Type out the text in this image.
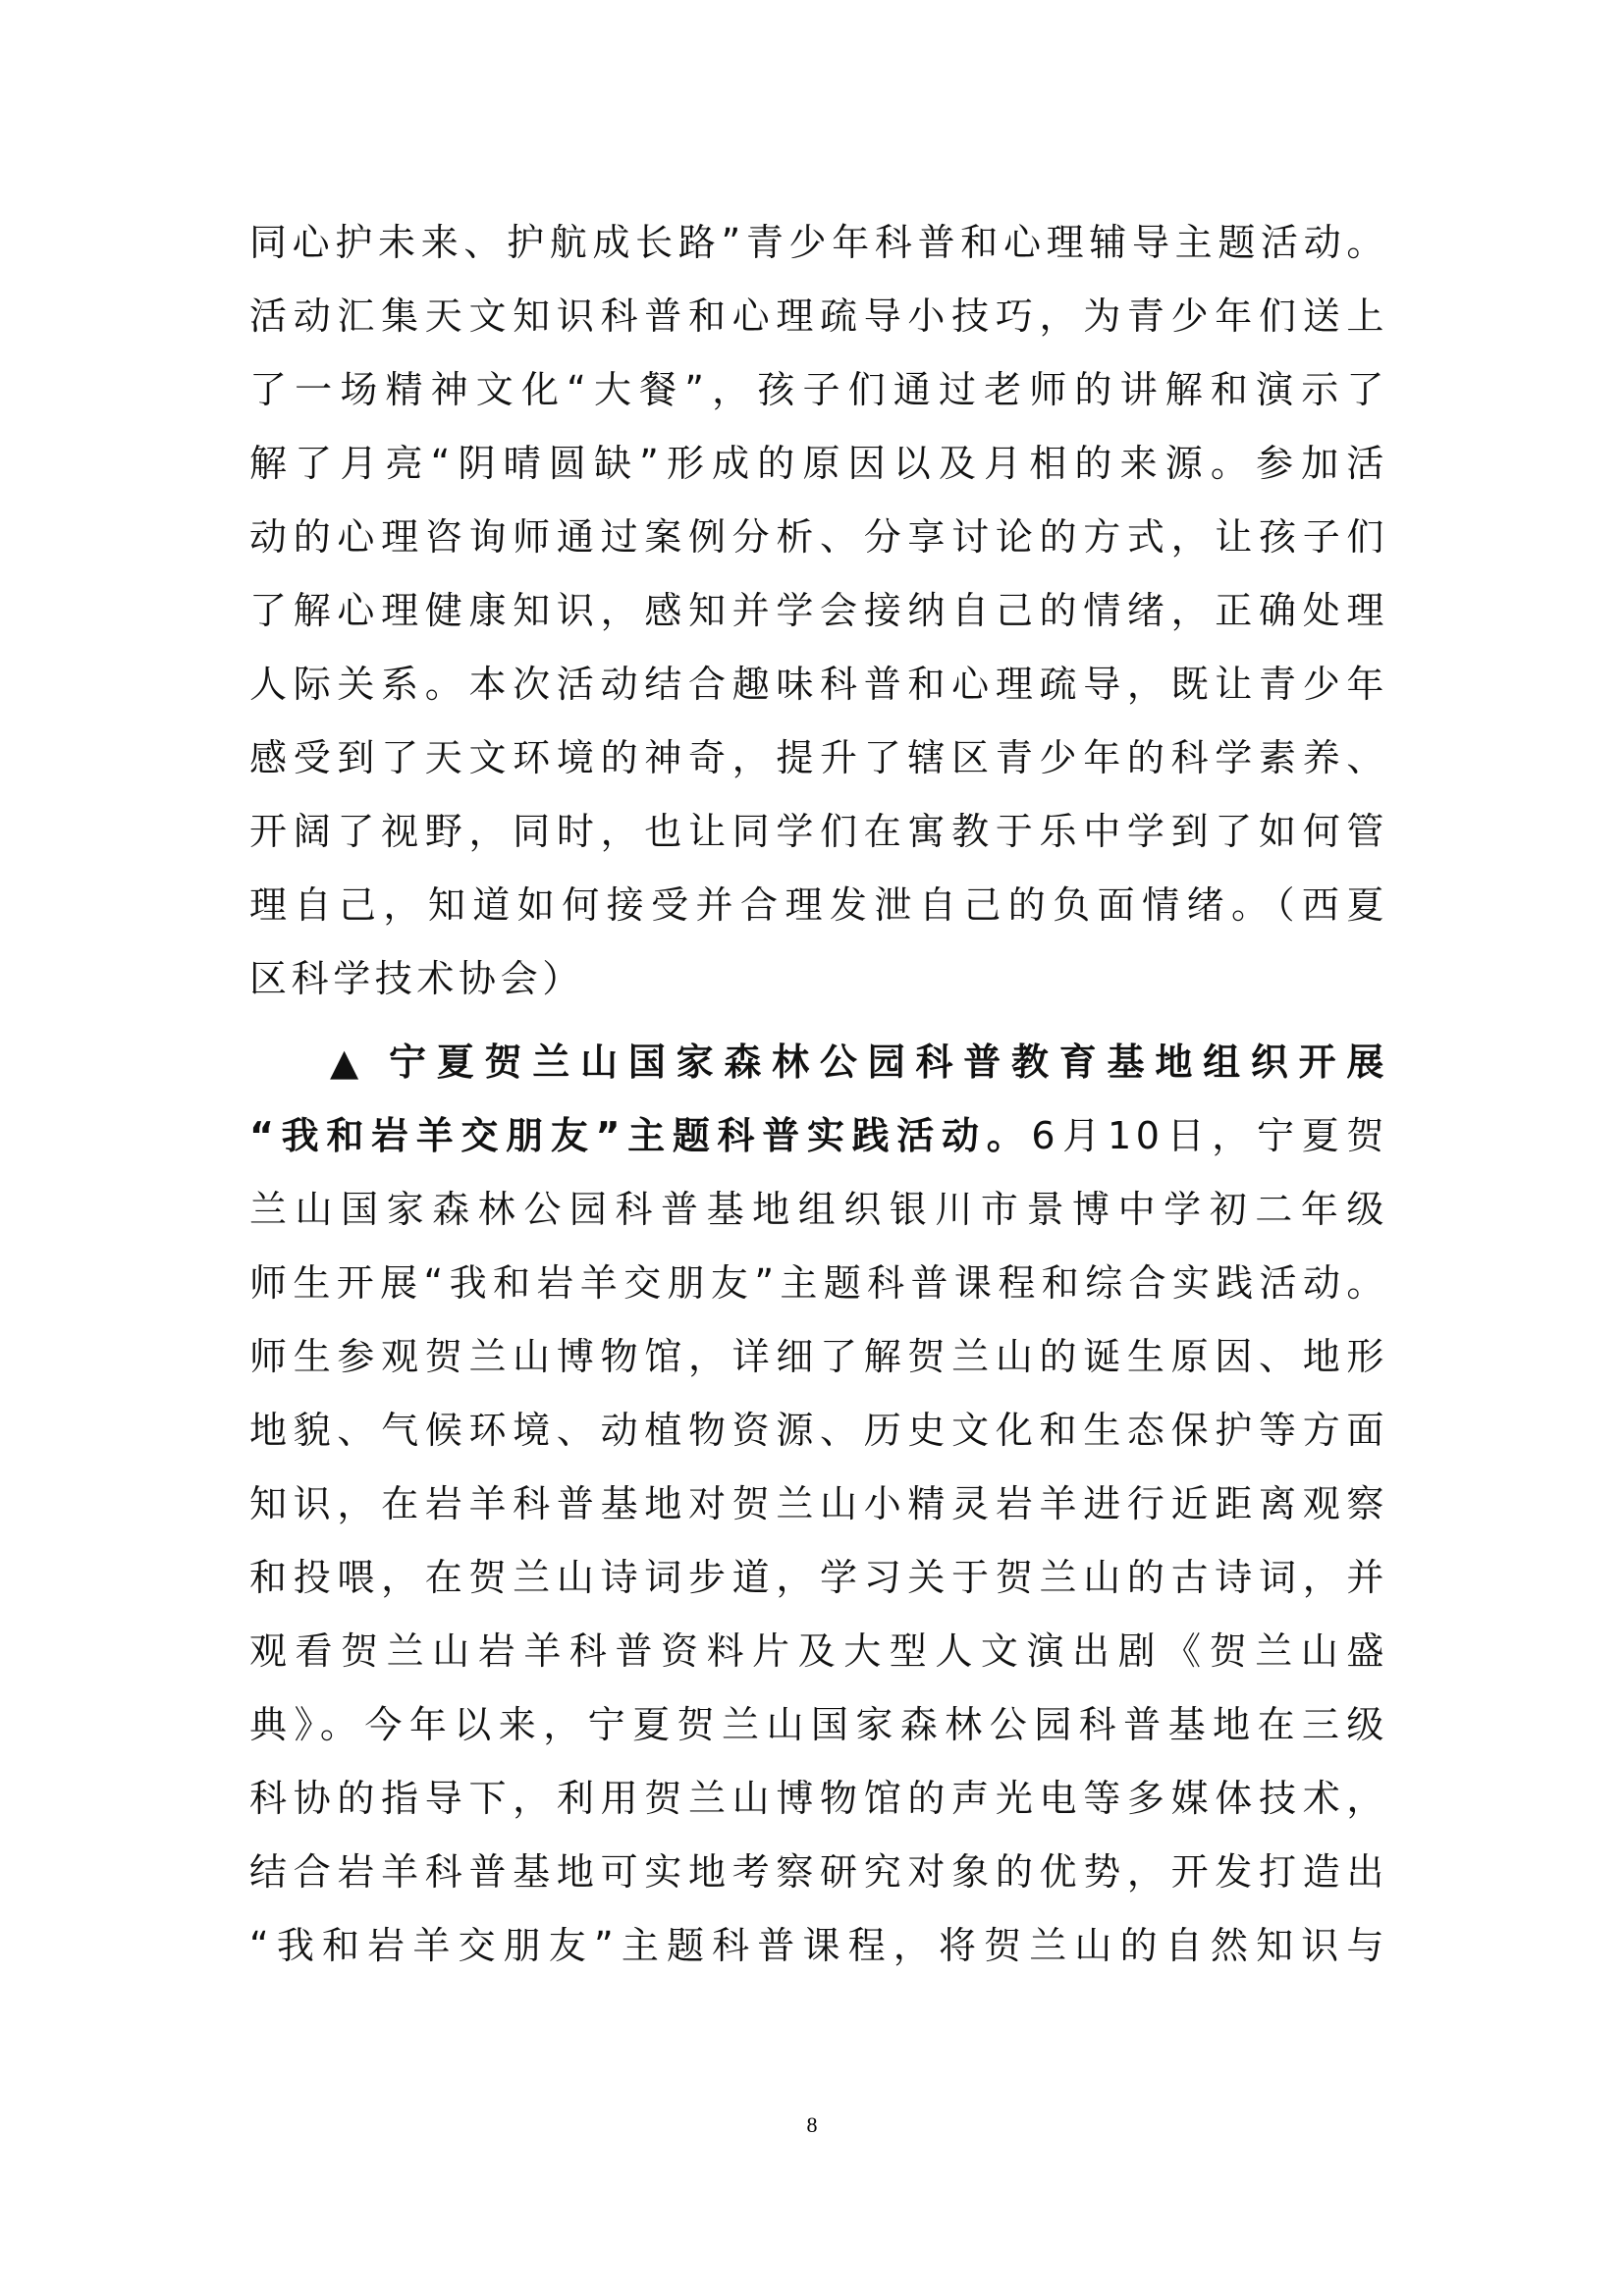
同心护未来、护航成长路”青少年科普和心理辅导主题活动。
活动汇集天文知识科普和心理疏导小技巧，为青少年们送上
了一场精神文化“大餐”，孩子们通过老师的讲解和演示了
解了月亮“阴晴圆缺”形成的原因以及月相的来源。参加活
动的心理咨询师通过案例分析、分享讨论的方式，让孩子们
了解心理健康知识，感知并学会接纳自己的情绪，正确处理
人际关系。本次活动结合趣味科普和心理疏导，既让青少年
感受到了天文环境的神奇，提升了辖区青少年的科学素养、
开阔了视野，同时，也让同学们在寓教于乐中学到了如何管
理自己，知道如何接受并合理发泄自己的负面情绪。（西夏
区科学技术协会）
▲ 宁夏贺兰山国家森林公园科普教育基地组织开展
“我和岩羊交朋友”主题科普实践活动。6月10日，宁夏贺
兰山国家森林公园科普基地组织银川市景博中学初二年级
师生开展“我和岩羊交朋友”主题科普课程和综合实践活动。
师生参观贺兰山博物馆，详细了解贺兰山的诞生原因、地形
地貌、气候环境、动植物资源、历史文化和生态保护等方面
知识，在岩羊科普基地对贺兰山小精灵岩羊进行近距离观察
和投喂，在贺兰山诗词步道，学习关于贺兰山的古诗词，并
观看贺兰山岩羊科普资料片及大型人文演出剧《贺兰山盛
典》。今年以来，宁夏贺兰山国家森林公园科普基地在三级
科协的指导下，利用贺兰山博物馆的声光电等多媒体技术，
结合岩羊科普基地可实地考察研究对象的优势，开发打造出
“我和岩羊交朋友”主题科普课程，将贺兰山的自然知识与
8
